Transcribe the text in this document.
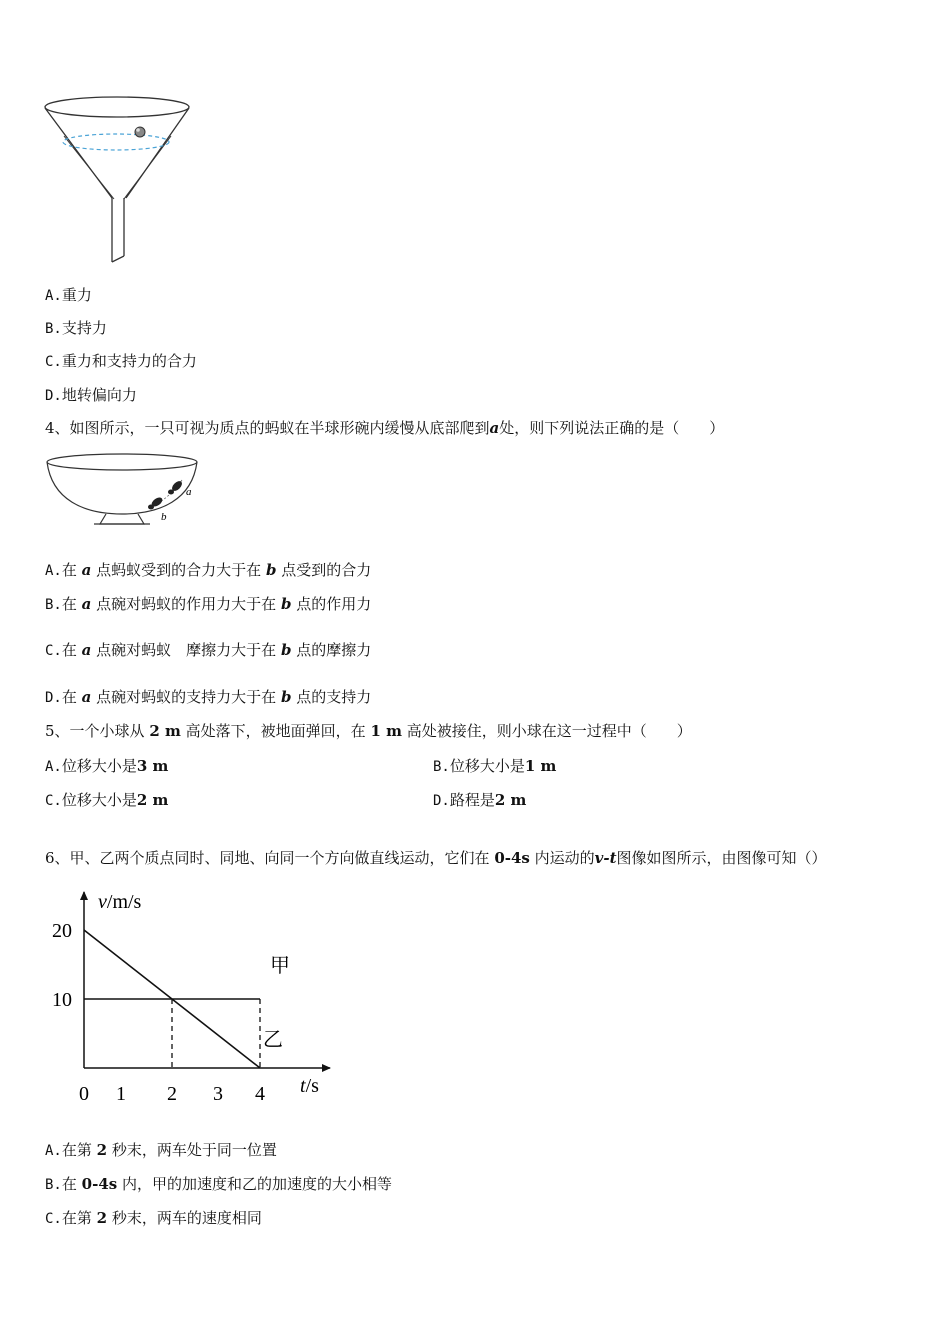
A.重力
B.支持力
C.重力和支持力的合力
D.地转偏向力
4、如图所示，一只可视为质点的蚂蚁在半球形碗内缓慢从底部爬到a处，则下列说法正确的是（　　）
a
b
A.在 a 点蚂蚁受到的合力大于在 b 点受到的合力
B.在 a 点碗对蚂蚁的作用力大于在 b 点的作用力
C.在 a 点碗对蚂蚁　摩擦力大于在 b 点的摩擦力
D.在 a 点碗对蚂蚁的支持力大于在 b 点的支持力
5、一个小球从 2 m 高处落下，被地面弹回，在 1 m 高处被接住，则小球在这一过程中（　　）
A.位移大小是3 m	B.位移大小是1 m
C.位移大小是2 m	D.路程是2 m
6、甲、乙两个质点同时、同地、向同一个方向做直线运动，它们在 0-4s 内运动的v-t图像如图所示，由图像可知（）
v/m/s
t/s
0 1 2 3 4
20
10
甲
乙
A.在第 2 秒末，两车处于同一位置
B.在 0-4s 内，甲的加速度和乙的加速度的大小相等
C.在第 2 秒末，两车的速度相同
